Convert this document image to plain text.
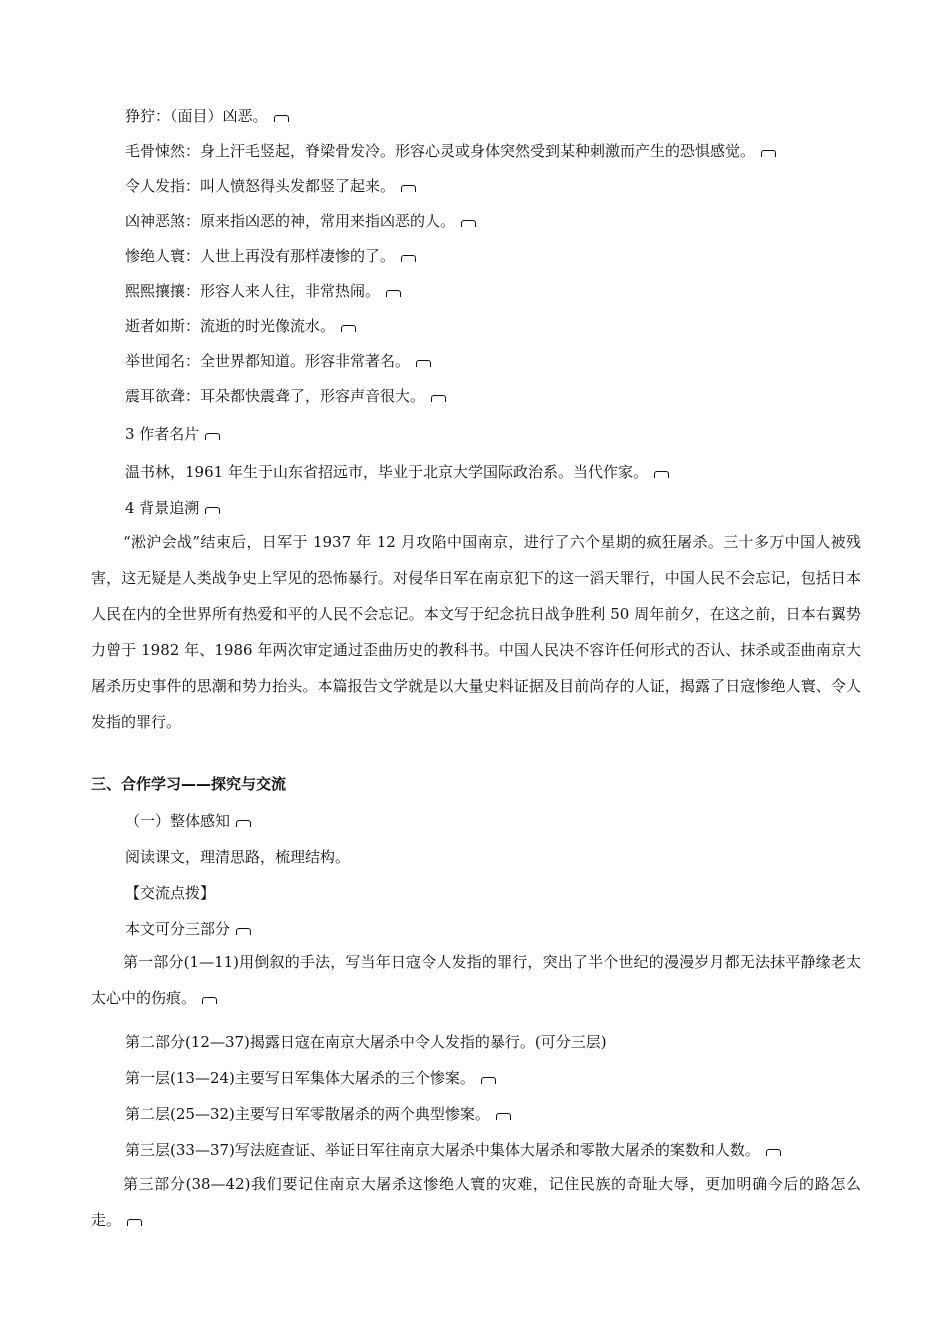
狰狞：（面目）凶恶。
毛骨悚然：身上汗毛竖起，脊梁骨发冷。形容心灵或身体突然受到某种刺激而产生的恐惧感觉。
令人发指：叫人愤怒得头发都竖了起来。
凶神恶煞：原来指凶恶的神，常用来指凶恶的人。
惨绝人寰：人世上再没有那样凄惨的了。
熙熙攘攘：形容人来人往，非常热闹。
逝者如斯：流逝的时光像流水。
举世闻名：全世界都知道。形容非常著名。
震耳欲聋：耳朵都快震聋了，形容声音很大。
3 作者名片
温书林，1961 年生于山东省招远市，毕业于北京大学国际政治系。当代作家。
4 背景追溯
“淞沪会战”结束后，日军于 1937 年 12 月攻陷中国南京，进行了六个星期的疯狂屠杀。三十多万中国人被残害，这无疑是人类战争史上罕见的恐怖暴行。对侵华日军在南京犯下的这一滔天罪行，中国人民不会忘记，包括日本人民在内的全世界所有热爱和平的人民不会忘记。本文写于纪念抗日战争胜利 50 周年前夕，在这之前，日本右翼势力曾于 1982 年、1986 年两次审定通过歪曲历史的教科书。中国人民决不容许任何形式的否认、抹杀或歪曲南京大屠杀历史事件的思潮和势力抬头。本篇报告文学就是以大量史料证据及目前尚存的人证，揭露了日寇惨绝人寰、令人发指的罪行。
三、合作学习——探究与交流
（一）整体感知
阅读课文，理清思路，梳理结构。
【交流点拨】
本文可分三部分
第一部分(1—11)用倒叙的手法，写当年日寇令人发指的罪行，突出了半个世纪的漫漫岁月都无法抹平静缘老太太心中的伤痕。
第二部分(12—37)揭露日寇在南京大屠杀中令人发指的暴行。(可分三层)
第一层(13—24)主要写日军集体大屠杀的三个惨案。
第二层(25—32)主要写日军零散屠杀的两个典型惨案。
第三层(33—37)写法庭查证、举证日军往南京大屠杀中集体大屠杀和零散大屠杀的案数和人数。
第三部分(38—42)我们要记住南京大屠杀这惨绝人寰的灾难，记住民族的奇耻大辱，更加明确今后的路怎么走。
